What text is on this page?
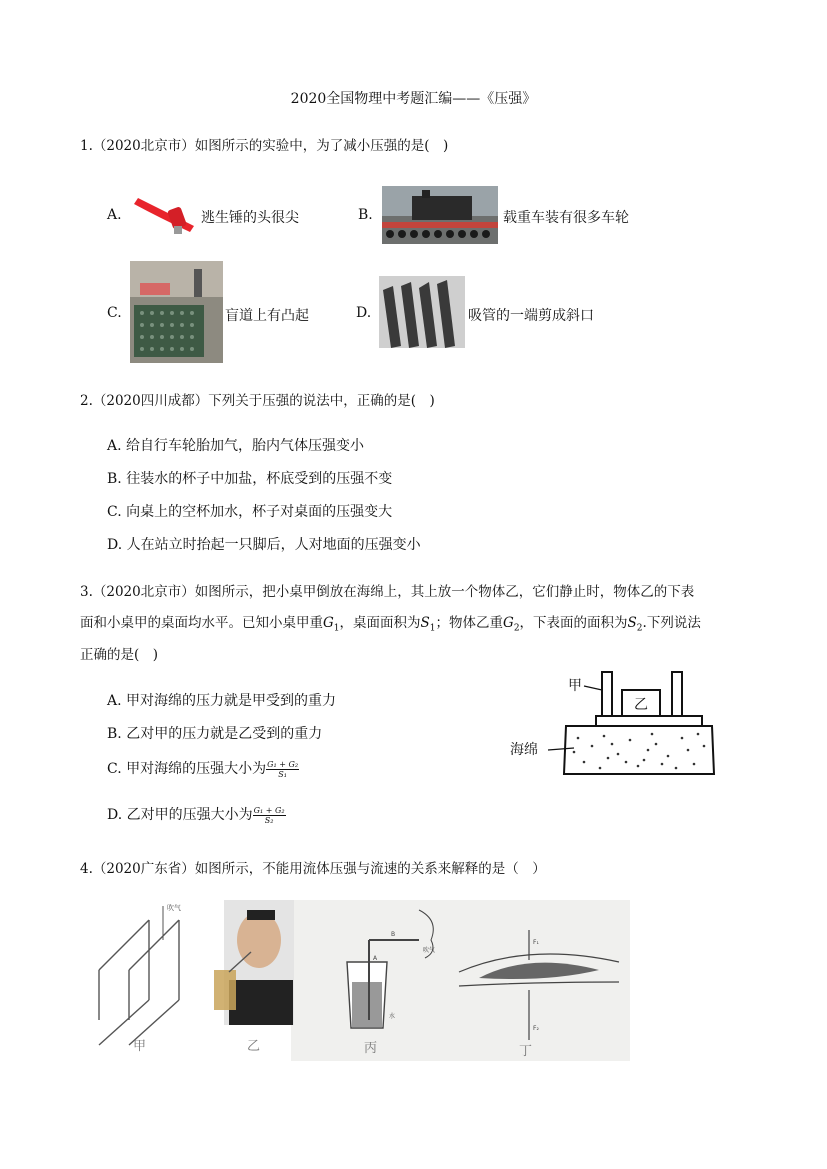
2020全国物理中考题汇编——《压强》
1.（2020北京市）如图所示的实验中，为了减小压强的是(　)
A.	逃生锤的头很尖	B.	载重车装有很多车轮
C.	盲道上有凸起	D.	吸管的一端剪成斜口
2.（2020四川成都）下列关于压强的说法中，正确的是(　)
A. 给自行车轮胎加气，胎内气体压强变小
B. 往装水的杯子中加盐，杯底受到的压强不变
C. 向桌上的空杯加水，杯子对桌面的压强变大
D. 人在站立时抬起一只脚后，人对地面的压强变小
3.（2020北京市）如图所示，把小桌甲倒放在海绵上，其上放一个物体乙，它们静止时，物体乙的下表
面和小桌甲的桌面均水平。已知小桌甲重$G_1$，桌面面积为$S_1$；物体乙重$G_2$，下表面的面积为$S_2$.下列说法
正确的是(　)
A. 甲对海绵的压力就是甲受到的重力
B. 乙对甲的压力就是乙受到的重力
C. 甲对海绵的压强大小为 $\frac{\text{G₁ + G₂}}{\text{S₁}}$
D. 乙对甲的压强大小为 $\frac{\text{G₁ + G₂}}{\text{S₂}}$
乙
甲
海绵
4.（2020广东省）如图所示，不能用流体压强与流速的关系来解释的是（　）
吹气
甲	乙
A
B
水
吹气
丙
F₁
F₂
丁
